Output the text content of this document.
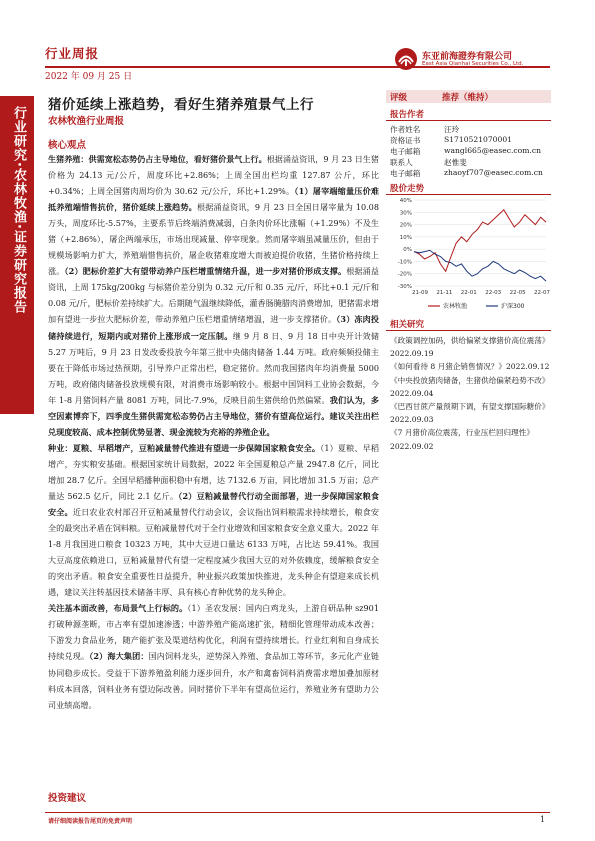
行业周报
2022 年 09 月 25 日
东亚前海證券有限公司
East Asia Qianhai Securities Co., Ltd.
行业研究·农林牧渔·证券研究报告
猪价延续上涨趋势，看好生猪养殖景气上行
农林牧渔行业周报
核心观点

生猪养殖：供需宽松态势仍占主导地位，看好猪价景气上行。根据涌益资讯，9 月 23 日生猪价格为 24.13 元/公斤，周度环比+2.86%；上周全国出栏均重 127.87 公斤，环比+0.34%；上周全国猪肉周均价为 30.62 元/公斤，环比+1.29%。（1）屠宰端缩量压价难抵养殖端惜售抗价，猪价延续上涨趋势。根据涌益资讯，9 月 23 日全国日屠宰量为 10.08 万头，周度环比-5.57%，主要系节后终端消费减弱，白条肉价环比涨幅（+1.29%）不及生猪（+2.86%），屠企两端承压，市场出现减量、停宰现象。然而屠宰端虽减量压价，但由于规模场影响力扩大，养殖端惜售抗价，屠企收猪难度增大而被迫提价收猪，生猪价格持续上涨。（2）肥标价差扩大有望带动养户压栏增重情绪升温，进一步对猪价形成支撑。根据涌益资讯，上周 175kg/200kg 与标猪价差分别为 0.32 元/斤和 0.35 元/斤，环比+0.1 元/斤和 0.08 元/斤，肥标价差持续扩大。后期随气温继续降低，灌香肠腌腊肉消费增加，肥猪需求增加有望进一步拉大肥标价差，带动养殖户压栏增重情绪增温，进一步支撑猪价。（3）冻肉投储持续进行，短期内或对猪价上涨形成一定压制。继 9 月 8 日、9 月 18 日中央开计效储 5.27 万吨后，9 月 23 日发改委投放今年第三批中央储肉储备 1.44 万吨。政府频频投储主要在于降低市场过热预期，引导养户正常出栏，稳定猪价。然而我国猪肉年均消费量 5000 万吨，政府储肉储备投放规模有限，对消费市场影响较小。根据中国饲料工业协会数据，今年 1-8 月猪饲料产量 8081 万吨，同比-7.9%，反映目前生猪供给仍然偏紧。我们认为，多空因素博弈下，四季度生猪供需宽松态势仍占主导地位，猪价有望高位运行。建议关注出栏兑现度较高、成本控制优势显著、现金流较为充裕的养殖企业。

种业：夏粮、早稻增产，豆粕减量替代推进有望进一步保障国家粮食安全。（1）夏粮、早稻增产，夯实粮安基础。根据国家统计局数据，2022 年全国夏粮总产量 2947.8 亿斤，同比增加 28.7 亿斤。全国早稻播种面积稳中有增，达 7132.6 万亩，同比增加 31.5 万亩；总产量达 562.5 亿斤，同比 2.1 亿斤。（2）豆粕减量替代行动全面部署，进一步保障国家粮食安全。近日农业农村部召开豆粕减量替代行动会议，会议指出饲料粮需求持续增长，粮食安全的最突出矛盾在饲料粮。豆粕减量替代对于全行业增效和国家粮食安全意义重大。2022 年 1-8 月我国进口粮食 10323 万吨，其中大豆进口量达 6133 万吨，占比达 59.41%。我国大豆高度依赖进口，豆粕减量替代有望一定程度减少我国大豆的对外依赖度，缓解粮食安全的突出矛盾。粮食安全重要性日益提升，种业振兴政策加快推进，龙头种企有望迎来成长机遇，建议关注转基因技术储备丰厚、具有核心育种优势的龙头种企。

关注基本面改善，布局景气上行标的。（1）圣农发展：国内白鸡龙头，上游自研品种 sz901 打破种源垄断，市占率有望加速渗透；中游养殖产能高速扩张，精细化管理带动成本改善；下游发力食品业务，随产能扩张及渠道结构优化，利润有望持续增长。行业红利和自身成长持续兑现。（2）海大集团：国内饲料龙头，逆势深入养殖、食品加工等环节，多元化产业链协同稳步成长。受益于下游养殖盈利能力逐步回升，水产和禽畜饲料消费需求增加叠加原材料成本回落，饲料业务有望边际改善。同时猪价下半年有望高位运行，养殖业务有望助力公司业绩高增。

投资建议
评级	推荐（维持）
报告作者
作者姓名	汪玲
资格证书	S1710521070001
电子邮箱	wangl665@easec.com.cn
联系人	赵惟斐
电子邮箱	zhaoyf707@easec.com.cn
股价走势
40%
30%
20%
10%
0%
-10%
-20%
-30%
21-09 21-11 22-01 22-03 22-05 22-07
农林牧渔	沪深300
相关研究
《政策调控加码，供给偏紧支撑猪价高位震荡》2022.09.19
《如何看待 8 月猪企销售情况？》2022.09.12
《中央投放猪肉储备，生猪供给偏紧趋势不改》2022.09.04
《巴西甘蔗产量预期下调，有望支撑国际糖价》2022.09.03
《7 月猪价高位震荡，行业压栏回归理性》2022.09.02
请仔细阅读报告尾页的免责声明	1
